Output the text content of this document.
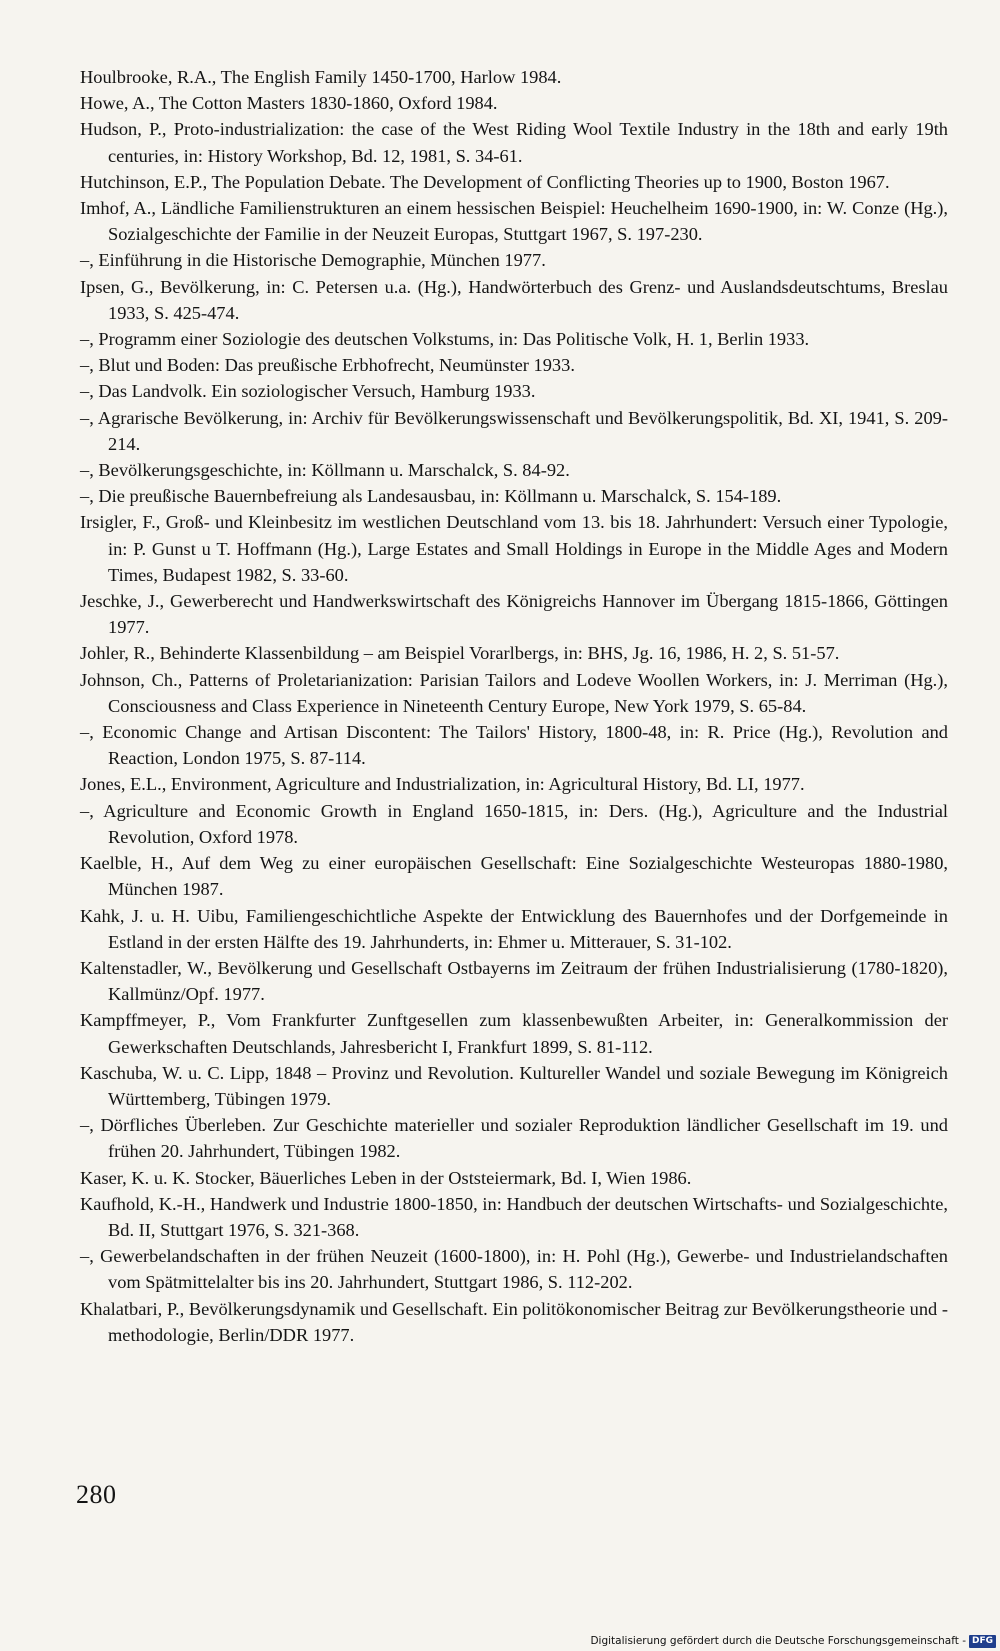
Houlbrooke, R.A., The English Family 1450-1700, Harlow 1984.
Howe, A., The Cotton Masters 1830-1860, Oxford 1984.
Hudson, P., Proto-industrialization: the case of the West Riding Wool Textile Industry in the 18th and early 19th centuries, in: History Workshop, Bd. 12, 1981, S. 34-61.
Hutchinson, E.P., The Population Debate. The Development of Conflicting Theories up to 1900, Boston 1967.
Imhof, A., Ländliche Familienstrukturen an einem hessischen Beispiel: Heuchelheim 1690-1900, in: W. Conze (Hg.), Sozialgeschichte der Familie in der Neuzeit Europas, Stuttgart 1967, S. 197-230.
–, Einführung in die Historische Demographie, München 1977.
Ipsen, G., Bevölkerung, in: C. Petersen u.a. (Hg.), Handwörterbuch des Grenz- und Auslandsdeutschtums, Breslau 1933, S. 425-474.
–, Programm einer Soziologie des deutschen Volkstums, in: Das Politische Volk, H. 1, Berlin 1933.
–, Blut und Boden: Das preußische Erbhofrecht, Neumünster 1933.
–, Das Landvolk. Ein soziologischer Versuch, Hamburg 1933.
–, Agrarische Bevölkerung, in: Archiv für Bevölkerungswissenschaft und Bevölkerungspolitik, Bd. XI, 1941, S. 209-214.
–, Bevölkerungsgeschichte, in: Köllmann u. Marschalck, S. 84-92.
–, Die preußische Bauernbefreiung als Landesausbau, in: Köllmann u. Marschalck, S. 154-189.
Irsigler, F., Groß- und Kleinbesitz im westlichen Deutschland vom 13. bis 18. Jahrhundert: Versuch einer Typologie, in: P. Gunst u T. Hoffmann (Hg.), Large Estates and Small Holdings in Europe in the Middle Ages and Modern Times, Budapest 1982, S. 33-60.
Jeschke, J., Gewerberecht und Handwerkswirtschaft des Königreichs Hannover im Übergang 1815-1866, Göttingen 1977.
Johler, R., Behinderte Klassenbildung – am Beispiel Vorarlbergs, in: BHS, Jg. 16, 1986, H. 2, S. 51-57.
Johnson, Ch., Patterns of Proletarianization: Parisian Tailors and Lodeve Woollen Workers, in: J. Merriman (Hg.), Consciousness and Class Experience in Nineteenth Century Europe, New York 1979, S. 65-84.
–, Economic Change and Artisan Discontent: The Tailors' History, 1800-48, in: R. Price (Hg.), Revolution and Reaction, London 1975, S. 87-114.
Jones, E.L., Environment, Agriculture and Industrialization, in: Agricultural History, Bd. LI, 1977.
–, Agriculture and Economic Growth in England 1650-1815, in: Ders. (Hg.), Agriculture and the Industrial Revolution, Oxford 1978.
Kaelble, H., Auf dem Weg zu einer europäischen Gesellschaft: Eine Sozialgeschichte Westeuropas 1880-1980, München 1987.
Kahk, J. u. H. Uibu, Familiengeschichtliche Aspekte der Entwicklung des Bauernhofes und der Dorfgemeinde in Estland in der ersten Hälfte des 19. Jahrhunderts, in: Ehmer u. Mitterauer, S. 31-102.
Kaltenstadler, W., Bevölkerung und Gesellschaft Ostbayerns im Zeitraum der frühen Industrialisierung (1780-1820), Kallmünz/Opf. 1977.
Kampffmeyer, P., Vom Frankfurter Zunftgesellen zum klassenbewußten Arbeiter, in: Generalkommission der Gewerkschaften Deutschlands, Jahresbericht I, Frankfurt 1899, S. 81-112.
Kaschuba, W. u. C. Lipp, 1848 – Provinz und Revolution. Kultureller Wandel und soziale Bewegung im Königreich Württemberg, Tübingen 1979.
–, Dörfliches Überleben. Zur Geschichte materieller und sozialer Reproduktion ländlicher Gesellschaft im 19. und frühen 20. Jahrhundert, Tübingen 1982.
Kaser, K. u. K. Stocker, Bäuerliches Leben in der Oststeiermark, Bd. I, Wien 1986.
Kaufhold, K.-H., Handwerk und Industrie 1800-1850, in: Handbuch der deutschen Wirtschafts- und Sozialgeschichte, Bd. II, Stuttgart 1976, S. 321-368.
–, Gewerbelandschaften in der frühen Neuzeit (1600-1800), in: H. Pohl (Hg.), Gewerbe- und Industrielandschaften vom Spätmittelalter bis ins 20. Jahrhundert, Stuttgart 1986, S. 112-202.
Khalatbari, P., Bevölkerungsdynamik und Gesellschaft. Ein politökonomischer Beitrag zur Bevölkerungstheorie und -methodologie, Berlin/DDR 1977.
280
Digitalisierung gefördert durch die Deutsche Forschungsgemeinschaft - DFG
